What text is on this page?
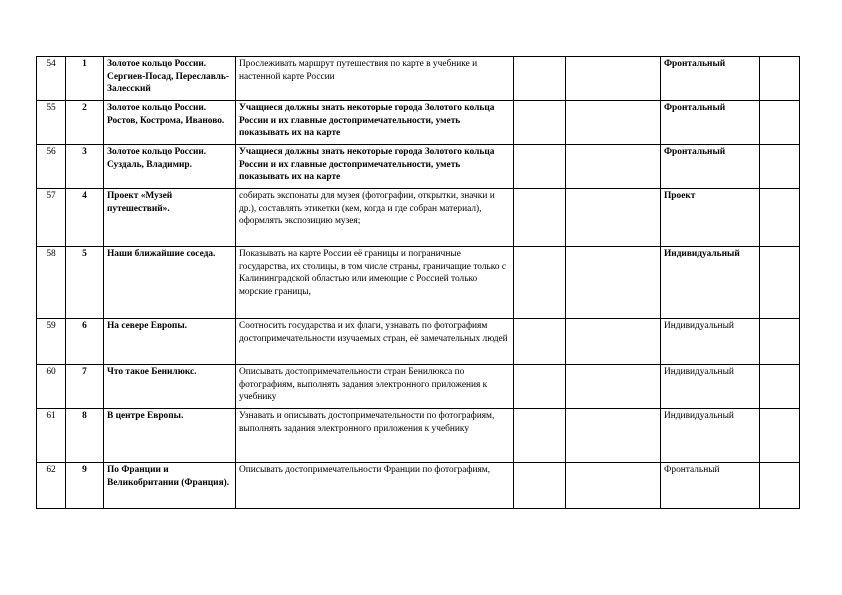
54	1	Золотое кольцо России. Сергиев-Посад, Переславль-Залесский	Прослеживать маршрут путешествия по карте в учебнике и настенной карте России			Фронтальный	
55	2	Золотое кольцо России. Ростов, Кострома, Иваново.	Учащиеся должны знать некоторые города Золотого кольца России и их главные достопримечательности, уметь показывать их на карте			Фронтальный	
56	3	Золотое кольцо России. Суздаль, Владимир.	Учащиеся должны знать некоторые города Золотого кольца России и их главные достопримечательности, уметь показывать их на карте			Фронтальный	
57	4	Проект «Музей путешествий».	собирать экспонаты для музея (фотографии, открытки, значки и др.), составлять этикетки (кем, когда и где собран материал), оформлять экспозицию музея;			Проект	
58	5	Наши ближайшие соседа.	Показывать на карте России её границы и пограничные государства, их столицы, в том числе страны, граничащие только с Калининградской областью или имеющие с Россией только морские границы,			Индивидуальный	
59	6	На севере Европы.	Соотносить государства и их флаги, узнавать по фотографиям достопримечательности изучаемых стран, её замечательных людей			Индивидуальный	
60	7	Что такое Бенилюкс.	Описывать достопримечательности стран Бенилюкса по фотографиям, выполнять задания электронного приложения к учебнику			Индивидуальный	
61	8	В центре Европы.	Узнавать и описывать достопримечательности по фотографиям, выполнять задания электронного приложения к учебнику			Индивидуальный	
62	9	По Франции и Великобритании (Франция).	Описывать достопримечательности Франции по фотографиям,			Фронтальный	
